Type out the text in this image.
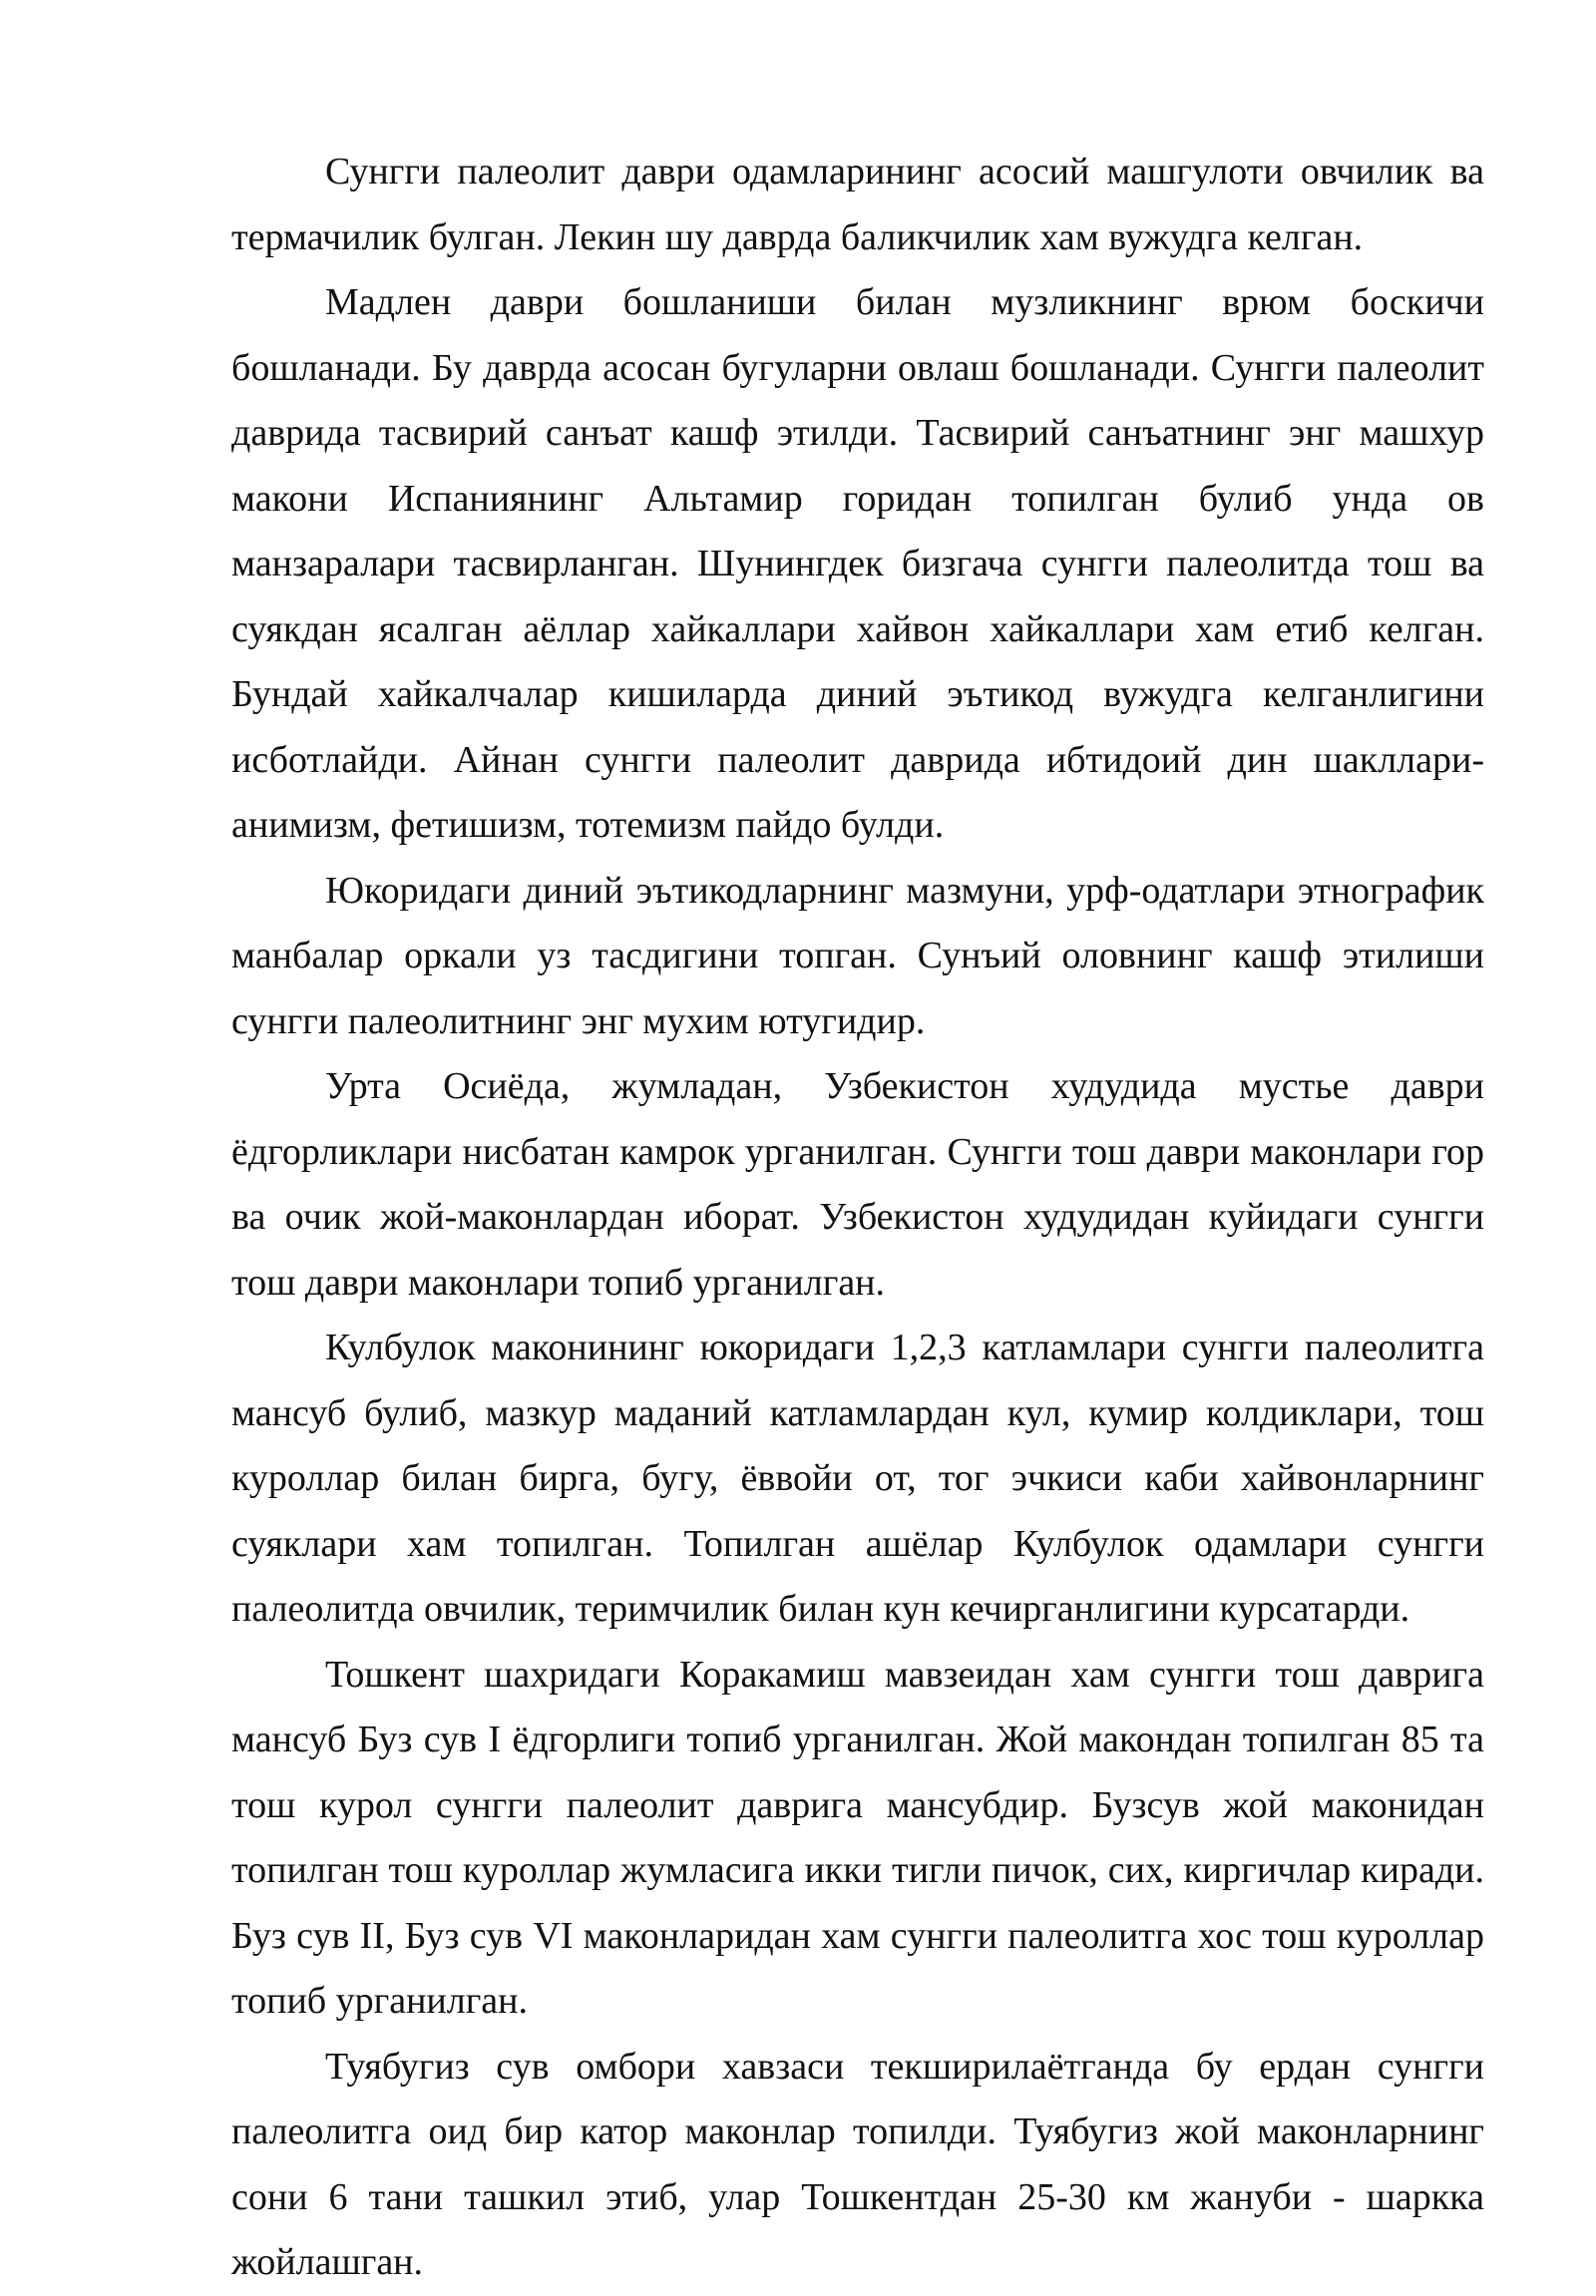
Сунгги палеолит даври одамларининг асосий машгулоти овчилик ва термачилик булган. Лекин шу даврда баликчилик хам вужудга келган.

Мадлен даври бошланиши билан музликнинг врюм боскичи бошланади. Бу даврда асосан бугуларни овлаш бошланади. Сунгги палеолит даврида тасвирий санъат кашф этилди. Тасвирий санъатнинг энг машхур макони Испаниянинг Альтамир горидан топилган булиб унда ов манзаралари тасвирланган. Шунингдек бизгача сунгги палеолитда тош ва суякдан ясалган аёллар хайкаллари хайвон хайкаллари хам етиб келган. Бундай хайкалчалар кишиларда диний эътикод вужудга келганлигини исботлайди. Айнан сунгги палеолит даврида ибтидоий дин шакллари-анимизм, фетишизм, тотемизм пайдо булди.

Юкоридаги диний эътикодларнинг мазмуни, урф-одатлари этнографик манбалар оркали уз тасдигини топган. Сунъий оловнинг кашф этилиши сунгги палеолитнинг энг мухим ютугидир.

Урта Осиёда, жумладан, Узбекистон худудида мустье даври ёдгорликлари нисбатан камрок урганилган. Сунгги тош даври маконлари гор ва очик жой-маконлардан иборат. Узбекистон худудидан куйидаги сунгги тош даври маконлари топиб урганилган.

Кулбулок маконининг юкоридаги 1,2,3 катламлари сунгги палеолитга мансуб булиб, мазкур маданий катламлардан кул, кумир колдиклари, тош куроллар билан бирга, бугу, ёввойи от, тог эчкиси каби хайвонларнинг суяклари хам топилган. Топилган ашёлар Кулбулок одамлари сунгги палеолитда овчилик, теримчилик билан кун кечирганлигини курсатарди.

Тошкент шахридаги Коракамиш мавзеидан хам сунгги тош даврига мансуб Буз сув I ёдгорлиги топиб урганилган. Жой макондан топилган 85 та тош курол сунгги палеолит даврига мансубдир. Бузсув жой маконидан топилган тош куроллар жумласига икки тигли пичок, сих, киргичлар киради. Буз сув II, Буз сув VI маконларидан хам сунгги палеолитга хос тош куроллар топиб урганилган.

Туябугиз сув омбори хавзаси текширилаётганда бу ердан сунгги палеолитга оид бир катор маконлар топилди. Туябугиз жой маконларнинг сони 6 тани ташкил этиб, улар Тошкентдан 25-30 км жануби - шаркка жойлашган.
